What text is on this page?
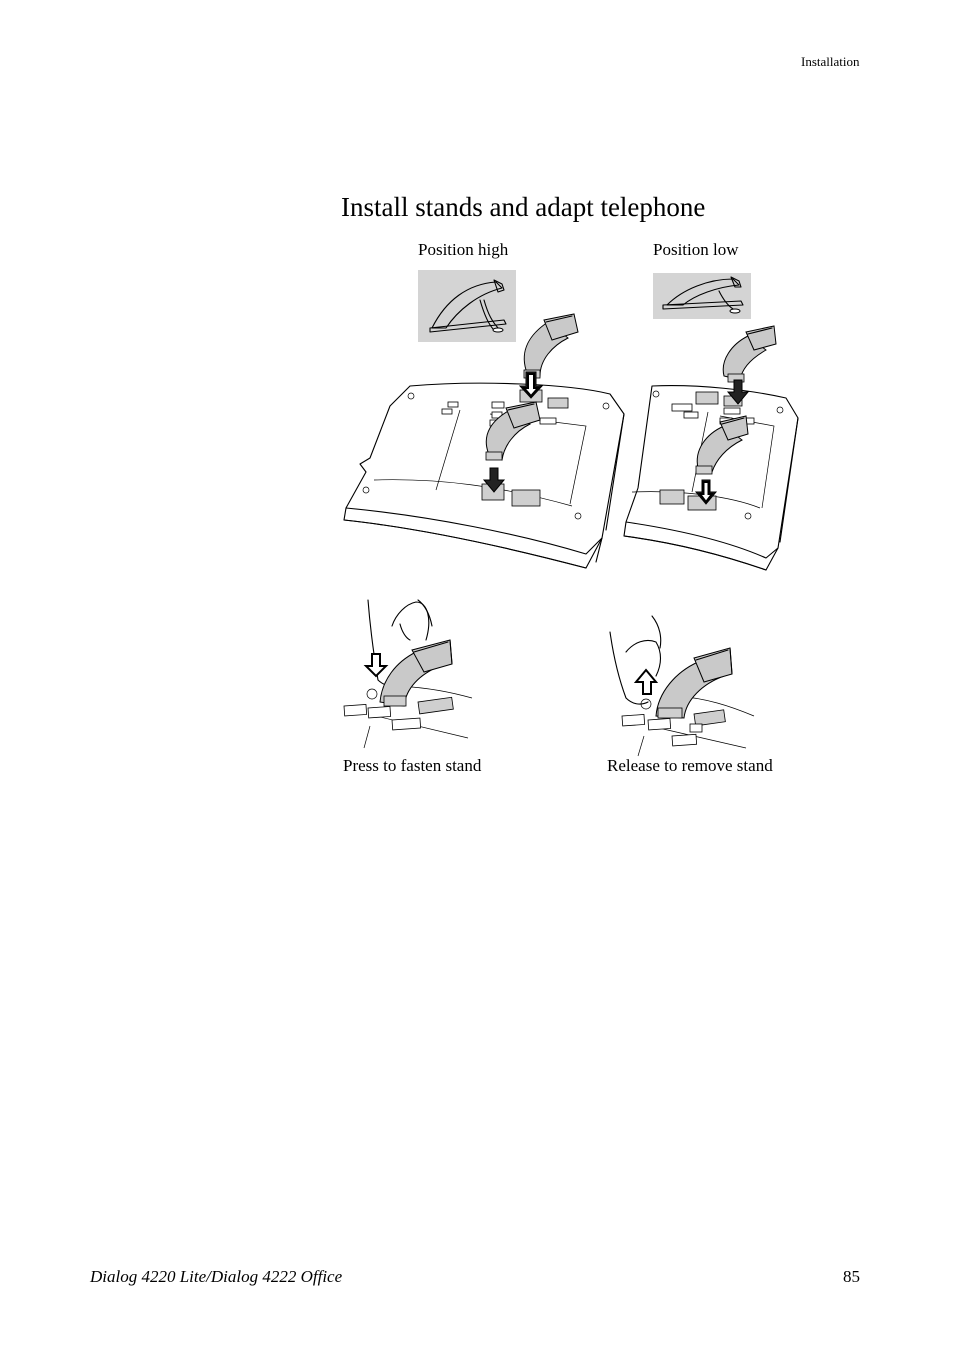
Installation
Install stands and adapt telephone
Position high	Position low
Press to fasten stand	Release to remove stand
Dialog 4220 Lite/Dialog 4222 Office	85
